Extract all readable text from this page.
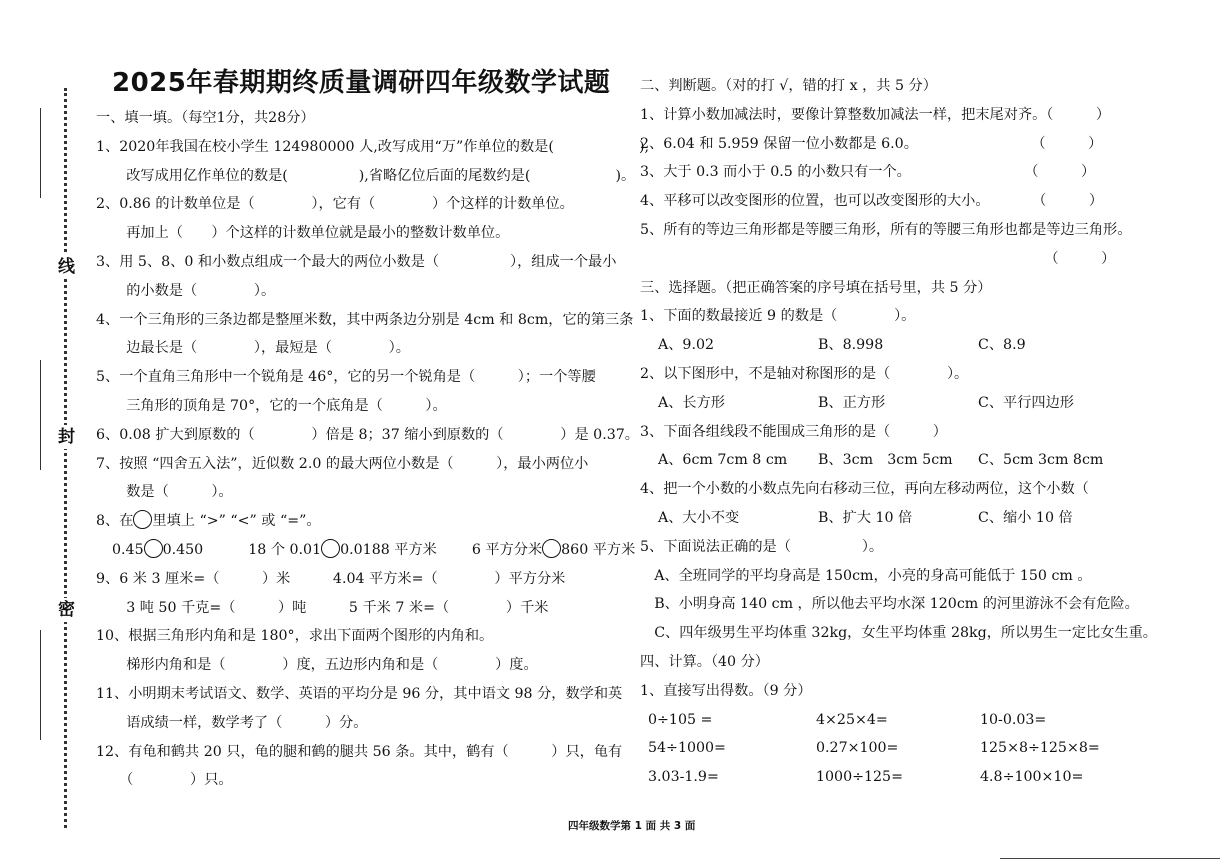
线
封
密
2025年春期期终质量调研四年级数学试题
一、填一填。（每空1分，共28分）
1、2020年我国在校小学生 124980000 人,改写成用“万”作单位的数是(　　　　　　),
　改写成用亿作单位的数是(　　　　　),省略亿位后面的尾数约是(　　　　　　)。
2、0.86 的计数单位是（　　　　），它有（　　　　）个这样的计数单位。
　再加上（　　）个这样的计数单位就是最小的整数计数单位。
3、用 5、8、0 和小数点组成一个最大的两位小数是（　　　　　），组成一个最小
　的小数是（　　　　）。
4、一个三角形的三条边都是整厘米数，其中两条边分别是 4cm 和 8cm，它的第三条
　边最长是（　　　　），最短是（　　　　）。
5、一个直角三角形中一个锐角是 46°，它的另一个锐角是（　　　）；一个等腰
　三角形的顶角是 70°，它的一个底角是（　　　）。
6、0.08 扩大到原数的（　　　　）倍是 8；37 缩小到原数的（　　　　）是 0.37。
7、按照 “四舍五入法”，近似数 2.0 的最大两位小数是（　　　），最小两位小
　数是（　　　）。
8、在 里填上 “>” “<” 或 “=”。
0.45 0.450	18 个 0.01 0.0188 平方米 6 平方分米 860 平方米
9、6 米 3 厘米=（　　　）米　　　4.04 平方米=（　　　　）平方分米
　3 吨 50 千克=（　　　）吨　　　5 千米 7 米=（　　　　）千米
10、根据三角形内角和是 180°，求出下面两个图形的内角和。
　梯形内角和是（　　　　）度，五边形内角和是（　　　　）度。
11、小明期末考试语文、数学、英语的平均分是 96 分，其中语文 98 分，数学和英
　语成绩一样，数学考了（　　　）分。
12、有龟和鹤共 20 只，龟的腿和鹤的腿共 56 条。其中，鹤有（　　　）只，龟有
　（　　　　）只。
二、判断题。（对的打 √，错的打 x ，共 5 分）
1、计算小数加减法时，要像计算整数加减法一样，把末尾对齐。（　　　）
2、6.04 和 5.959 保留一位小数都是 6.0。　　　　　　　　　（　　　）
3、大于 0.3 而小于 0.5 的小数只有一个。　　　　　　　　　（　　　）
4、平移可以改变图形的位置，也可以改变图形的大小。　　　　（　　　）
5、所有的等边三角形都是等腰三角形，所有的等腰三角形也都是等边三角形。
　　　　　　　　　　　　　　　　　　　　　　　　　　　　　（　　　）
三、选择题。（把正确答案的序号填在括号里，共 5 分）
1、下面的数最接近 9 的数是（　　　　）。
A、9.02	B、8.998	C、8.9
2、以下图形中，不是轴对称图形的是（　　　　）。
A、长方形	B、正方形	C、平行四边形
3、下面各组线段不能围成三角形的是（　　　）
A、6cm 7cm 8 cm	B、3cm　3cm 5cm	C、5cm 3cm 8cm
4、把一个小数的小数点先向右移动三位，再向左移动两位，这个小数（
A、大小不变	B、扩大 10 倍	C、缩小 10 倍
5、下面说法正确的是（　　　　　）。
　A、全班同学的平均身高是 150cm，小亮的身高可能低于 150 cm 。
　B、小明身高 140 cm ，所以他去平均水深 120cm 的河里游泳不会有危险。
　C、四年级男生平均体重 32kg，女生平均体重 28kg，所以男生一定比女生重。
四、计算。（40 分）
1、直接写出得数。（9 分）
0÷105 =	4×25×4=	10-0.03=
54÷1000=	0.27×100=	125×8÷125×8=
3.03-1.9=	1000÷125=	4.8÷100×10=
四年级数学第 1 面 共 3 面
